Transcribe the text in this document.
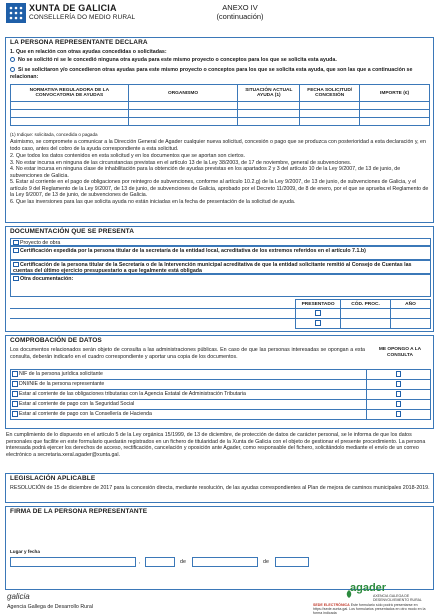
XUNTA DE GALICIA
CONSELLERÍA DO MEDIO RURAL
ANEXO IV
(continuación)
LA PERSONA REPRESENTANTE DECLARA
1. Que en relación con otras ayudas concedidas o solicitadas:
No se solicitó ni se le concedió ninguna otra ayuda para este mismo proyecto o conceptos para los que se solicita esta ayuda.
Sí se solicitaron y/o concedieron otras ayudas para este mismo proyecto o conceptos para los que se solicita esta ayuda, que son las que a continuación se relacionan:
NORMATIVA REGULADORA DE LA CONVOCATORIA DE AYUDAS	ORGANISMO	SITUACIÓN ACTUAL AYUDA (1)	FECHA SOLICITUD/ CONCESIÓN	IMPORTE (€)

(1) Indique: solicitada, concedida o pagada
Asimismo, se compromete a comunicar a la Dirección General de Agader cualquier nueva solicitud, concesión o pago que se produzca con posterioridad a esta declaración y, en todo caso, antes del cobro de la ayuda correspondiente a esta solicitud.
2. Que todos los datos contenidos en esta solicitud y en los documentos que se aportan son ciertos.
3. No estar incursa en ninguna de las circunstancias previstas en el artículo 13 de la Ley 38/2003, de 17 de noviembre, general de subvenciones.
4. No estar incursa en ninguna clase de inhabilitación para la obtención de ayudas previstas en los apartados 2 y 3 del artículo 10 de la Ley 9/2007, de 13 de junio, de subvenciones de Galicia.
5. Estar al corriente en el pago de obligaciones por reintegro de subvenciones, conforme al artículo 10.2.g) de la Ley 9/2007, de 13 de junio, de subvenciones de Galicia, y el artículo 9 del Reglamento de la Ley 9/2007, de 13 de junio, de subvenciones de Galicia, aprobado por el Decreto 11/2009, de 8 de enero, por el que se aprueba el Reglamento de la Ley 9/2007, de 13 de junio, de subvenciones de Galicia.
6. Que las inversiones para las que solicita ayuda no están iniciadas en la fecha de presentación de la solicitud de ayuda.
DOCUMENTACIÓN QUE SE PRESENTA
Proyecto de obra
Certificación expedida por la persona titular de la secretaría de la entidad local, acreditativa de los extremos referidos en el artículo 7.1.b)
Certificación de la persona titular de la Secretaría o de la Intervención municipal acreditativa de que la entidad solicitante remitió al Consejo de Cuentas las cuentas del último ejercicio presupuestario a que legalmente está obligada
Otra documentación:
	PRESENTADO	CÓD. PROC.	AÑO

COMPROBACIÓN DE DATOS
Los documentos relacionados serán objeto de consulta a las administraciones públicas. En caso de que las personas interesadas se opongan a esta consulta, deberán indicarlo en el cuadro correspondiente y aportar una copia de los documentos.
ME OPONGO A LA CONSULTA
NIF de la persona jurídica solicitante	
DNI/NIE de la persona representante	
Estar al corriente de las obligaciones tributarias con la Agencia Estatal de Administración Tributaria	
Estar al corriente de pago con la Seguridad Social	
Estar al corriente de pago con la Consellería de Hacienda	
En cumplimiento de lo dispuesto en el artículo 5 de la Ley orgánica 15/1999, de 13 de diciembre, de protección de datos de carácter personal, se le informa de que los datos personales que facilite en este formulario quedarán registrados en un fichero de titularidad de la Xunta de Galicia con el objeto de gestionar el presente procedimiento. La persona interesada podrá ejercer los derechos de acceso, rectificación, cancelación y oposición ante Agader, como responsable del fichero, solicitándolo mediante el envío de un correo electrónico a secretaria.xeral.agader@xunta.gal.
LEGISLACIÓN APLICABLE
RESOLUCIÓN de 15 de diciembre de 2017 para la concesión directa, mediante resolución, de las ayudas correspondientes al Plan de mejora de caminos municipales 2018-2019.
FIRMA DE LA PERSONA REPRESENTANTE
Lugar y fecha
,	de	de
galicia
Agencia Gallega de Desarrollo Rural
agader
AXENCIA GALEGA DE DESENVOLVEMENTO RURAL
SEDE ELECTRÓNICA Este formulario sólo podrá presentarse en https://sede.xunta.gal. Los formularios presentados en otro modo en la forma indicada
